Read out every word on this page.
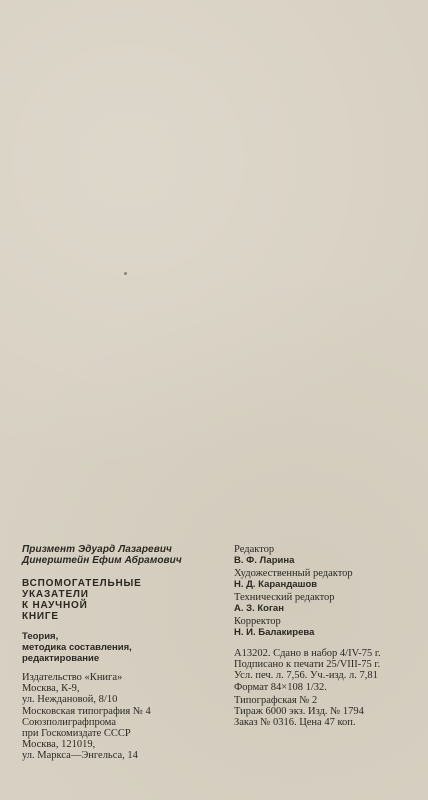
Призмент Эдуард Лазаревич
Динерштейн Ефим Абрамович
ВСПОМОГАТЕЛЬНЫЕ
УКАЗАТЕЛИ
К НАУЧНОЙ
КНИГЕ
Теория,
методика составления,
редактирование
Издательство «Книга»
Москва, К-9,
ул. Неждановой, 8/10
Московская типография № 4
Союзполиграфпрома
при Госкомиздате СССР
Москва, 121019,
ул. Маркса—Энгельса, 14
Редактор
В. Ф. Ларина
Художественный редактор
Н. Д. Карандашов
Технический редактор
А. З. Коган
Корректор
Н. И. Балакирева
А13202. Сдано в набор 4/IV-75 г.
Подписано к печати 25/VIII-75 г.
Усл. печ. л. 7,56. Уч.-изд. л. 7,81
Формат 84×108 1/32.
Типографская № 2
Тираж 6000 экз. Изд. № 1794
Заказ № 0316. Цена 47 коп.
